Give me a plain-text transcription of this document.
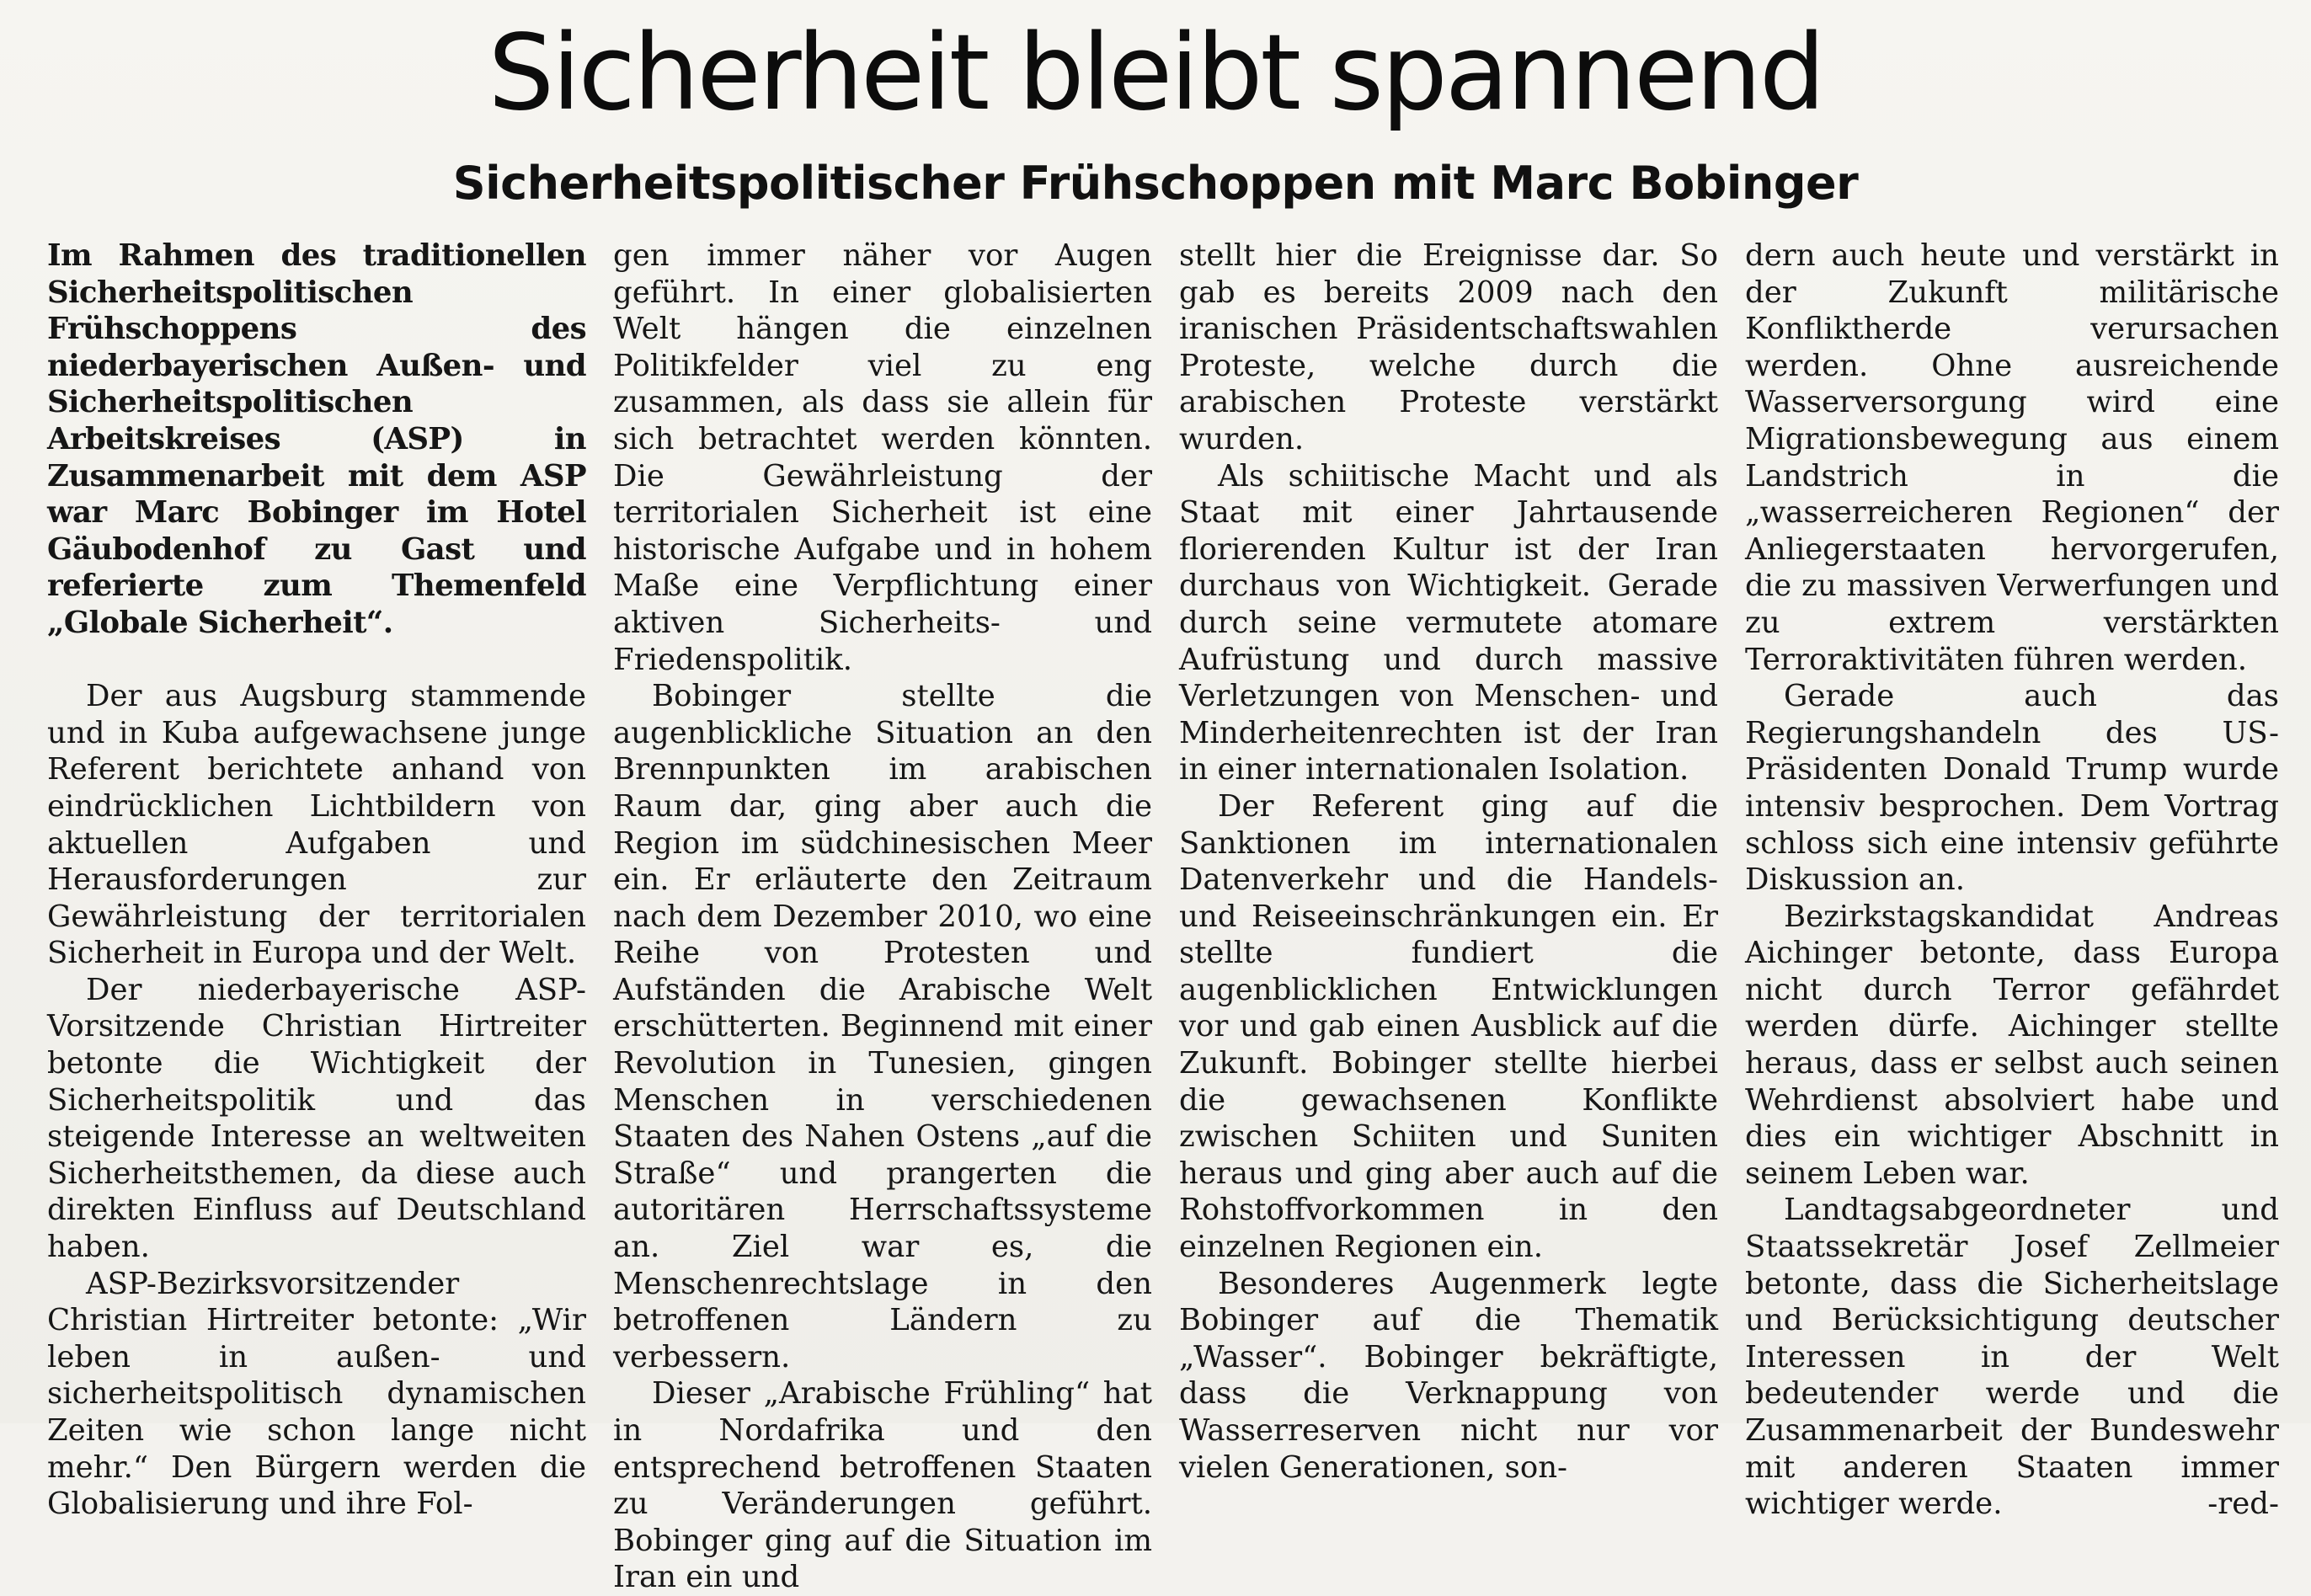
Sicherheit bleibt spannend
Sicherheitspolitischer Frühschoppen mit Marc Bobinger

Im Rahmen des traditionellen Sicherheitspolitischen Frühschoppens des niederbayerischen Außen- und Sicherheitspolitischen Arbeitskreises (ASP) in Zusammenarbeit mit dem ASP war Marc Bobinger im Hotel Gäubodenhof zu Gast und referierte zum Themenfeld „Globale Sicherheit“.

Der aus Augsburg stammende und in Kuba aufgewachsene junge Referent berichtete anhand von eindrücklichen Lichtbildern von aktuellen Aufgaben und Herausforderungen zur Gewährleistung der territorialen Sicherheit in Europa und der Welt.

Der niederbayerische ASP-Vorsitzende Christian Hirtreiter betonte die Wichtigkeit der Sicherheitspolitik und das steigende Interesse an weltweiten Sicherheitsthemen, da diese auch direkten Einfluss auf Deutschland haben.

ASP-Bezirksvorsitzender Christian Hirtreiter betonte: „Wir leben in außen- und sicherheitspolitisch dynamischen Zeiten wie schon lange nicht mehr.“ Den Bürgern werden die Globalisierung und ihre Fol-

gen immer näher vor Augen geführt. In einer globalisierten Welt hängen die einzelnen Politikfelder viel zu eng zusammen, als dass sie allein für sich betrachtet werden könnten. Die Gewährleistung der territorialen Sicherheit ist eine historische Aufgabe und in hohem Maße eine Verpflichtung einer aktiven Sicherheits- und Friedenspolitik.

Bobinger stellte die augenblickliche Situation an den Brennpunkten im arabischen Raum dar, ging aber auch die Region im südchinesischen Meer ein. Er erläuterte den Zeitraum nach dem Dezember 2010, wo eine Reihe von Protesten und Aufständen die Arabische Welt erschütterten. Beginnend mit einer Revolution in Tunesien, gingen Menschen in verschiedenen Staaten des Nahen Ostens „auf die Straße“ und prangerten die autoritären Herrschaftssysteme an. Ziel war es, die Menschenrechtslage in den betroffenen Ländern zu verbessern.

Dieser „Arabische Frühling“ hat in Nordafrika und den entsprechend betroffenen Staaten zu Veränderungen geführt. Bobinger ging auf die Situation im Iran ein und

stellt hier die Ereignisse dar. So gab es bereits 2009 nach den iranischen Präsidentschaftswahlen Proteste, welche durch die arabischen Proteste verstärkt wurden.

Als schiitische Macht und als Staat mit einer Jahrtausende florierenden Kultur ist der Iran durchaus von Wichtigkeit. Gerade durch seine vermutete atomare Aufrüstung und durch massive Verletzungen von Menschen- und Minderheitenrechten ist der Iran in einer internationalen Isolation.

Der Referent ging auf die Sanktionen im internationalen Datenverkehr und die Handels- und Reiseeinschränkungen ein. Er stellte fundiert die augenblicklichen Entwicklungen vor und gab einen Ausblick auf die Zukunft. Bobinger stellte hierbei die gewachsenen Konflikte zwischen Schiiten und Suniten heraus und ging aber auch auf die Rohstoffvorkommen in den einzelnen Regionen ein.

Besonderes Augenmerk legte Bobinger auf die Thematik „Wasser“. Bobinger bekräftigte, dass die Verknappung von Wasserreserven nicht nur vor vielen Generationen, son-

dern auch heute und verstärkt in der Zukunft militärische Konfliktherde verursachen werden. Ohne ausreichende Wasserversorgung wird eine Migrationsbewegung aus einem Landstrich in die „wasserreicheren Regionen“ der Anliegerstaaten hervorgerufen, die zu massiven Verwerfungen und zu extrem verstärkten Terroraktivitäten führen werden.

Gerade auch das Regierungshandeln des US-Präsidenten Donald Trump wurde intensiv besprochen. Dem Vortrag schloss sich eine intensiv geführte Diskussion an.

Bezirkstagskandidat Andreas Aichinger betonte, dass Europa nicht durch Terror gefährdet werden dürfe. Aichinger stellte heraus, dass er selbst auch seinen Wehrdienst absolviert habe und dies ein wichtiger Abschnitt in seinem Leben war.

Landtagsabgeordneter und Staatssekretär Josef Zellmeier betonte, dass die Sicherheitslage und Berücksichtigung deutscher Interessen in der Welt bedeutender werde und die Zusammenarbeit der Bundeswehr mit anderen Staaten immer wichtiger werde.	-red-
